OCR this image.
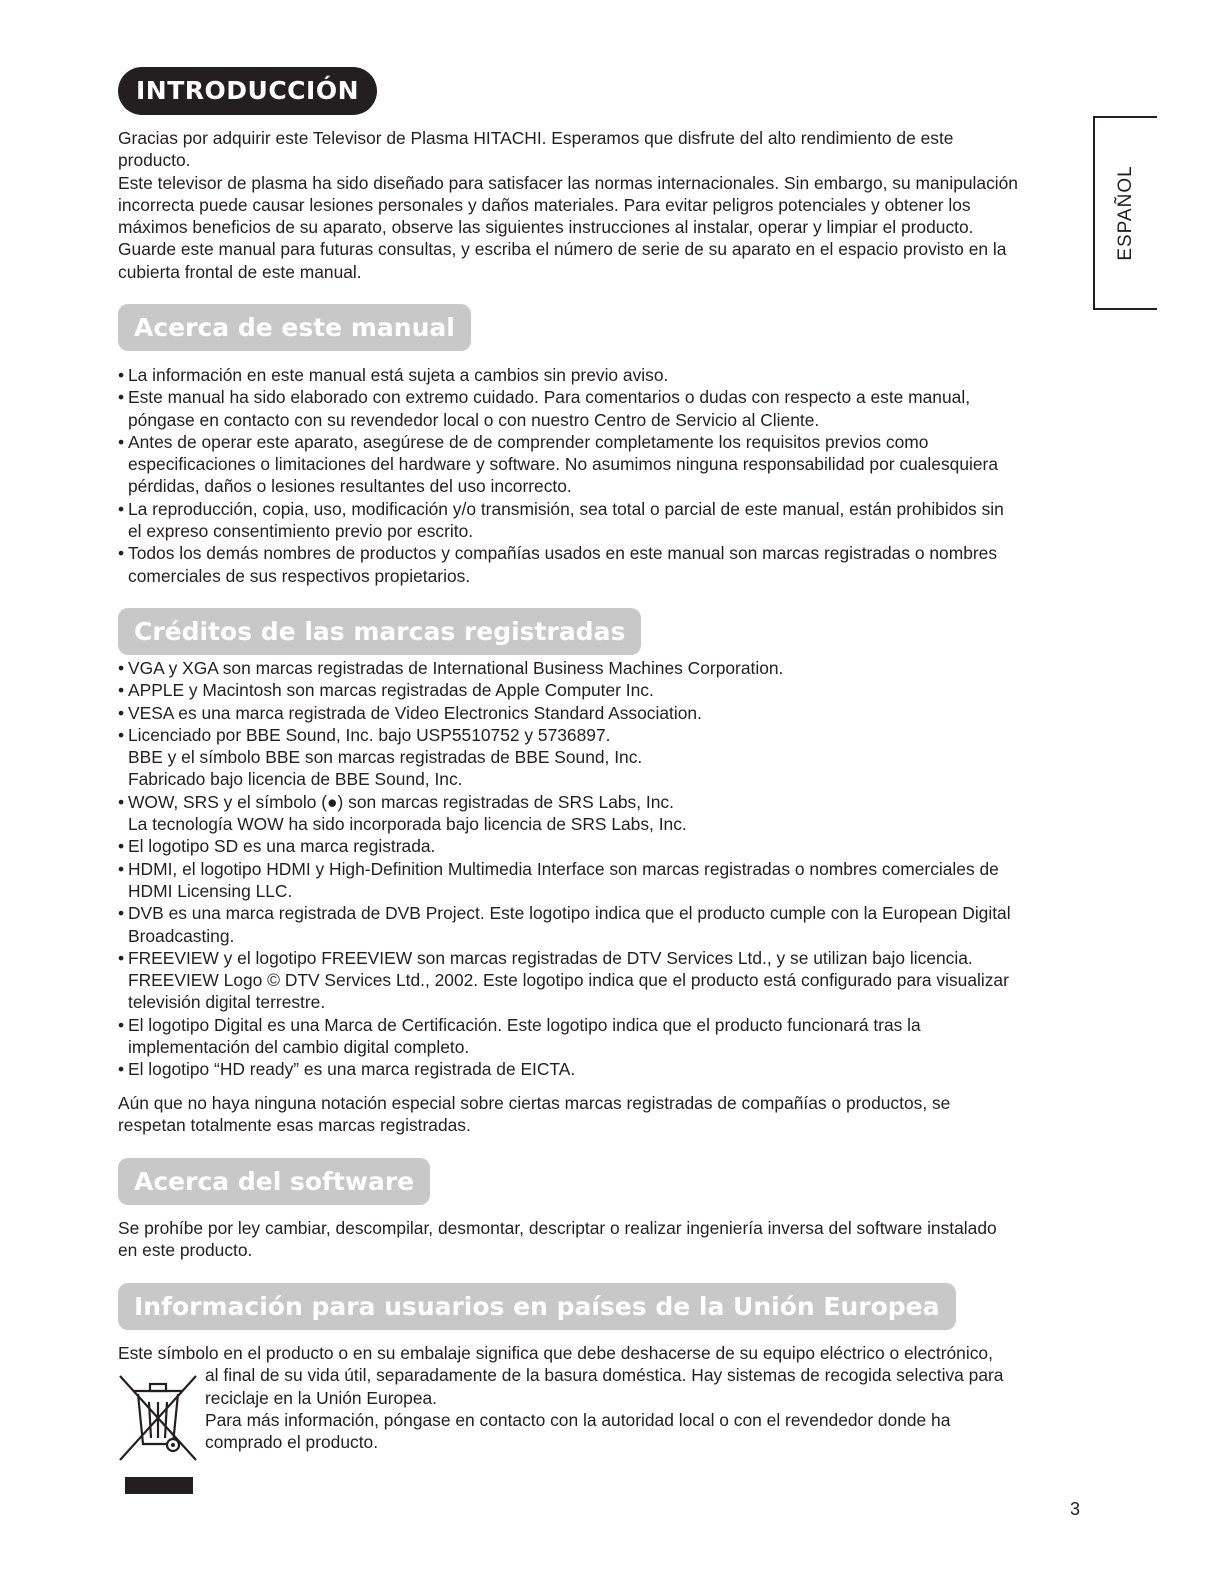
ESPAÑOL
INTRODUCCIÓN
Gracias por adquirir este Televisor de Plasma HITACHI. Esperamos que disfrute del alto rendimiento de este
producto.
Este televisor de plasma ha sido diseñado para satisfacer las normas internacionales. Sin embargo, su manipulación
incorrecta puede causar lesiones personales y daños materiales. Para evitar peligros potenciales y obtener los
máximos beneficios de su aparato, observe las siguientes instrucciones al instalar, operar y limpiar el producto.
Guarde este manual para futuras consultas, y escriba el número de serie de su aparato en el espacio provisto en la
cubierta frontal de este manual.
Acerca de este manual
• La información en este manual está sujeta a cambios sin previo aviso.
• Este manual ha sido elaborado con extremo cuidado. Para comentarios o dudas con respecto a este manual,
póngase en contacto con su revendedor local o con nuestro Centro de Servicio al Cliente.
• Antes de operar este aparato, asegúrese de de comprender completamente los requisitos previos como
especificaciones o limitaciones del hardware y software. No asumimos ninguna responsabilidad por cualesquiera
pérdidas, daños o lesiones resultantes del uso incorrecto.
• La reproducción, copia, uso, modificación y/o transmisión, sea total o parcial de este manual, están prohibidos sin
el expreso consentimiento previo por escrito.
• Todos los demás nombres de productos y compañías usados en este manual son marcas registradas o nombres
comerciales de sus respectivos propietarios.
Créditos de las marcas registradas
• VGA y XGA son marcas registradas de International Business Machines Corporation.
• APPLE y Macintosh son marcas registradas de Apple Computer Inc.
• VESA es una marca registrada de Video Electronics Standard Association.
• Licenciado por BBE Sound, Inc. bajo USP5510752 y 5736897.
BBE y el símbolo BBE son marcas registradas de BBE Sound, Inc.
Fabricado bajo licencia de BBE Sound, Inc.
• WOW, SRS y el símbolo (●) son marcas registradas de SRS Labs, Inc.
La tecnología WOW ha sido incorporada bajo licencia de SRS Labs, Inc.
• El logotipo SD es una marca registrada.
• HDMI, el logotipo HDMI y High-Definition Multimedia Interface son marcas registradas o nombres comerciales de
HDMI Licensing LLC.
• DVB es una marca registrada de DVB Project. Este logotipo indica que el producto cumple con la European Digital
Broadcasting.
• FREEVIEW y el logotipo FREEVIEW son marcas registradas de DTV Services Ltd., y se utilizan bajo licencia.
FREEVIEW Logo © DTV Services Ltd., 2002. Este logotipo indica que el producto está configurado para visualizar
televisión digital terrestre.
• El logotipo Digital es una Marca de Certificación. Este logotipo indica que el producto funcionará tras la
implementación del cambio digital completo.
• El logotipo “HD ready” es una marca registrada de EICTA.
Aún que no haya ninguna notación especial sobre ciertas marcas registradas de compañías o productos, se
respetan totalmente esas marcas registradas.
Acerca del software
Se prohíbe por ley cambiar, descompilar, desmontar, descriptar o realizar ingeniería inversa del software instalado
en este producto.
Información para usuarios en países de la Unión Europea

Este símbolo en el producto o en su embalaje significa que debe deshacerse de su equipo eléctrico o electrónico,

al final de su vida útil, separadamente de la basura doméstica. Hay sistemas de recogida selectiva para
reciclaje en la Unión Europea.
Para más información, póngase en contacto con la autoridad local o con el revendedor donde ha
comprado el producto.
3
